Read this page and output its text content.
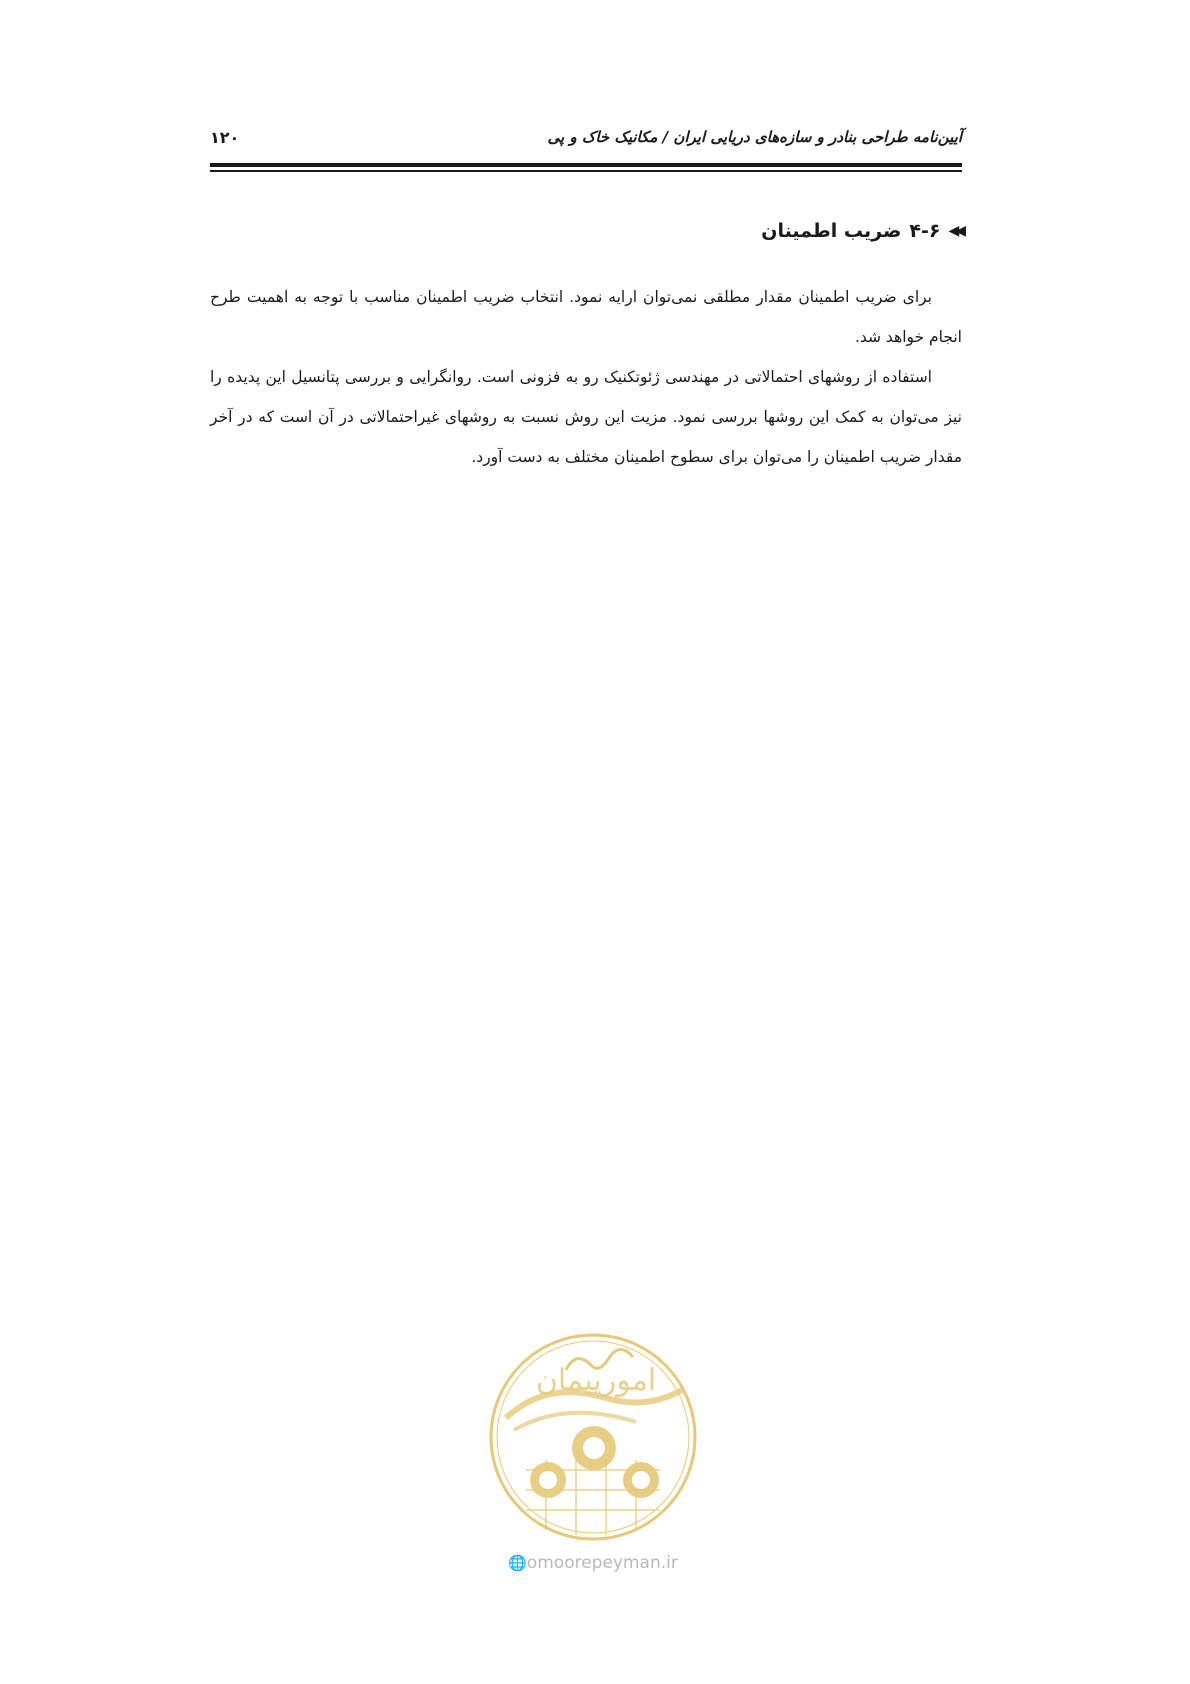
آیین‌نامه طراحی بنادر و سازه‌های دریایی ایران / مکانیک خاک و پی
۱۲۰
◀◀
۴-۶
ضریب اطمینان

برای ضریب اطمینان مقدار مطلقی نمی‌توان ارایه نمود. انتخاب ضریب اطمینان مناسب با توجه به اهمیت طرح انجام خواهد شد.

استفاده از روشهای احتمالاتی در مهندسی ژئوتکنیک رو به فزونی است. روانگرایی و بررسی پتانسیل این پدیده را نیز می‌توان به کمک این روشها بررسی نمود. مزیت این روش نسبت به روشهای غیراحتمالاتی در آن است که در آخر مقدار ضریب اطمینان را می‌توان برای سطوح اطمینان مختلف به دست آورد.

امورپیمان
🌐omoorepeyman.ir
